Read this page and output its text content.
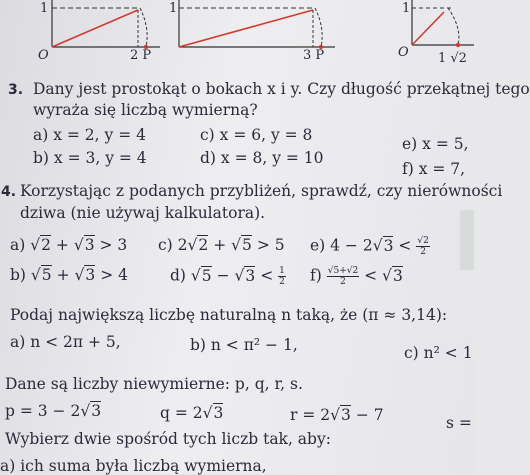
1
O	2 P
1
3 P
1
O 1 √2
3. Dany jest prostokąt o bokach x i y. Czy długość przekątnej tego
wyraża się liczbą wymierną?
a) x = 2, y = 4
b) x = 3, y = 4
c) x = 6, y = 8
d) x = 8, y = 10
e) x = 5,
f) x = 7,
4. Korzystając z podanych przybliżeń, sprawdź, czy nierówności
dziwa (nie używaj kalkulatora).
a) √2 + √3 > 3 c) 2√2 + √5 > 5 e) $4 - 2√3 < \frac{√2}{2}$
b) √5 + √3 > 4	d) $√5 - √3 < \frac{1}{2} f) \frac{√5+√2}{2} < √3$
Podaj największą liczbę naturalną n taką, że (π ≈ 3,14):
a) n < 2π + 5,	b) n < π² − 1,	c) n² < 1
Dane są liczby niewymierne: p, q, r, s.
p = 3 − 2√3	q = 2√3	r = 2√3 − 7	s =
Wybierz dwie spośród tych liczb tak, aby:
a) ich suma była liczbą wymierna,
